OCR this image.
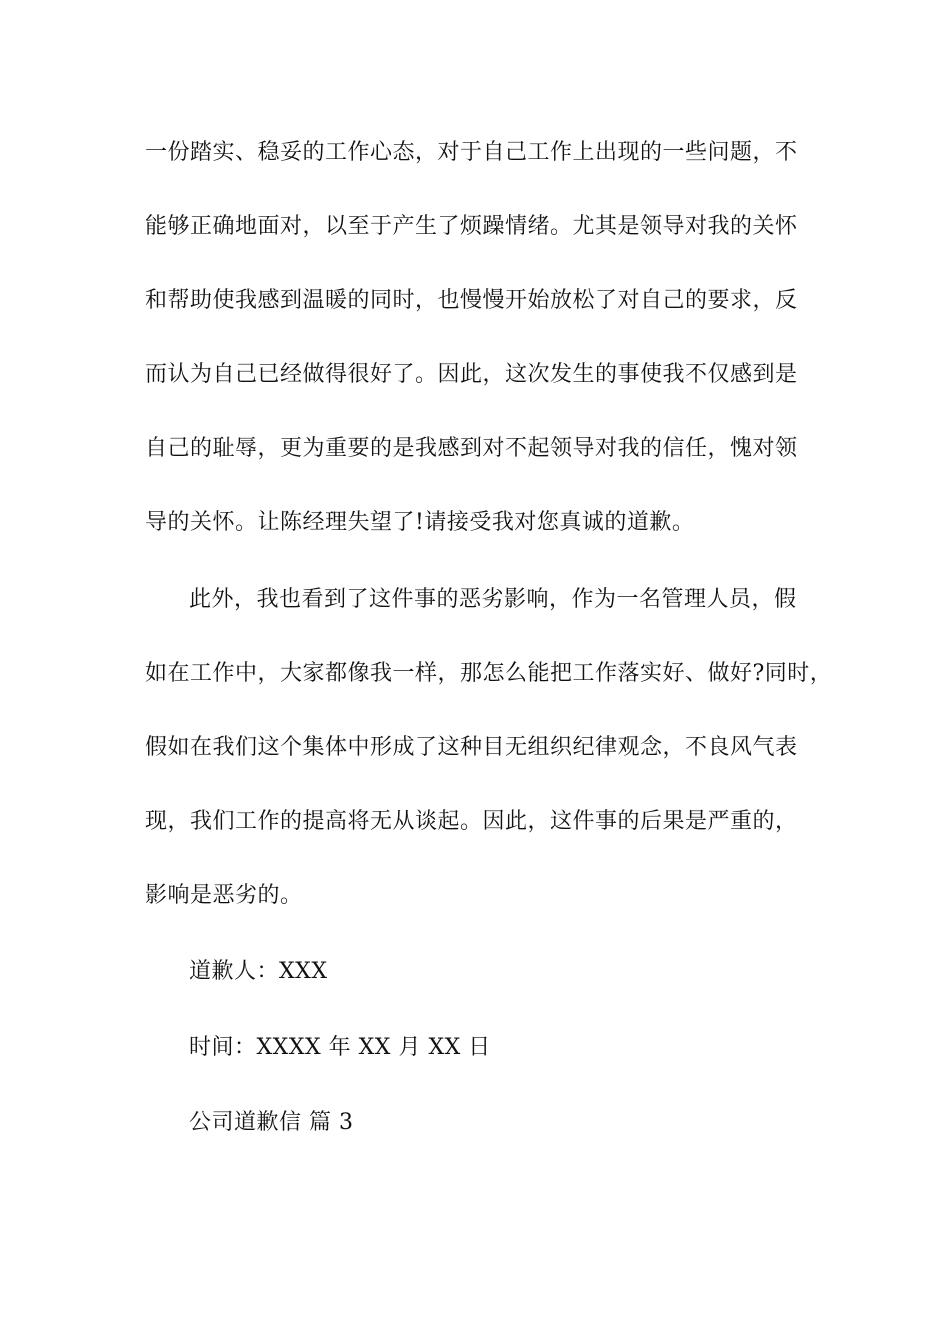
一份踏实、稳妥的工作心态，对于自己工作上出现的一些问题，不
能够正确地面对，以至于产生了烦躁情绪。尤其是领导对我的关怀
和帮助使我感到温暖的同时，也慢慢开始放松了对自己的要求，反
而认为自己已经做得很好了。因此，这次发生的事使我不仅感到是
自己的耻辱，更为重要的是我感到对不起领导对我的信任，愧对领
导的关怀。让陈经理失望了!请接受我对您真诚的道歉。
此外，我也看到了这件事的恶劣影响，作为一名管理人员，假
如在工作中，大家都像我一样，那怎么能把工作落实好、做好?同时，
假如在我们这个集体中形成了这种目无组织纪律观念，不良风气表
现，我们工作的提高将无从谈起。因此，这件事的后果是严重的，
影响是恶劣的。
道歉人：XXX
时间：XXXX 年 XX 月 XX 日
公司道歉信 篇 3
